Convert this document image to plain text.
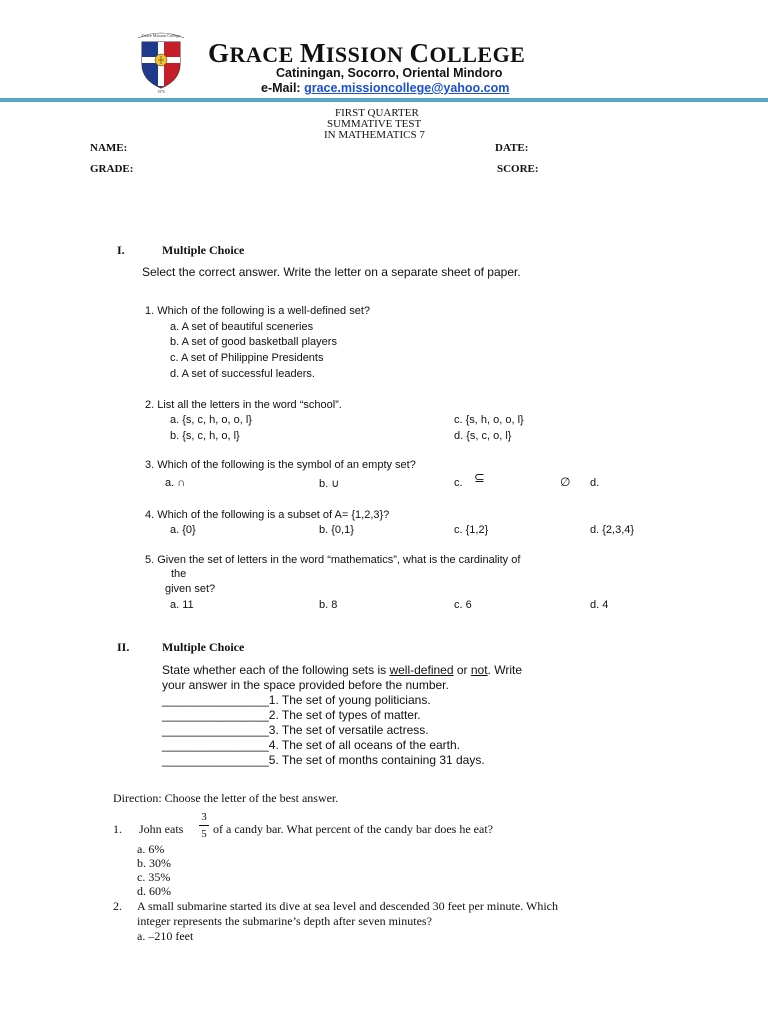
Grace Mission College
1976
GRACE MISSION COLLEGE
Catiningan, Socorro, Oriental Mindoro
e-Mail: grace.missioncollege@yahoo.com
FIRST QUARTER
SUMMATIVE TEST
IN MATHEMATICS 7
NAME:	DATE:
GRADE:	SCORE:
I.	Multiple Choice
Select the correct answer. Write the letter on a separate sheet of paper.
1. Which of the following is a well-defined set?
a. A set of beautiful sceneries
b. A set of good basketball players
c. A set of Philippine Presidents
d. A set of successful leaders.
2. List all the letters in the word “school”.
a. {s, c, h, o, o, l}	c. {s, h, o, o, l}
b. {s, c, h, o, l}	d. {s, c, o, l}
3. Which of the following is the symbol of an empty set?
a. ∩	b. ∪	c. ⊆	∅ d.
4. Which of the following is a subset of A= {1,2,3}?
a. {0}	b. {0,1}	c. {1,2}	d. {2,3,4}
5. Given the set of letters in the word “mathematics”, what is the cardinality of
the
given set?
a. 11	b. 8	c. 6	d. 4
II.	Multiple Choice
State whether each of the following sets is well-defined or not. Write
your answer in the space provided before the number.
________________1. The set of young politicians.
________________2. The set of types of matter.
________________3. The set of versatile actress.
________________4. The set of all oceans of the earth.
________________5. The set of months containing 31 days.
Direction: Choose the letter of the best answer.
1. John eats
3
5 of a candy bar. What percent of the candy bar does he eat?
a. 6%
b. 30%
c. 35%
d. 60%
2. A small submarine started its dive at sea level and descended 30 feet per minute. Which
integer represents the submarine’s depth after seven minutes?
a. –210 feet
